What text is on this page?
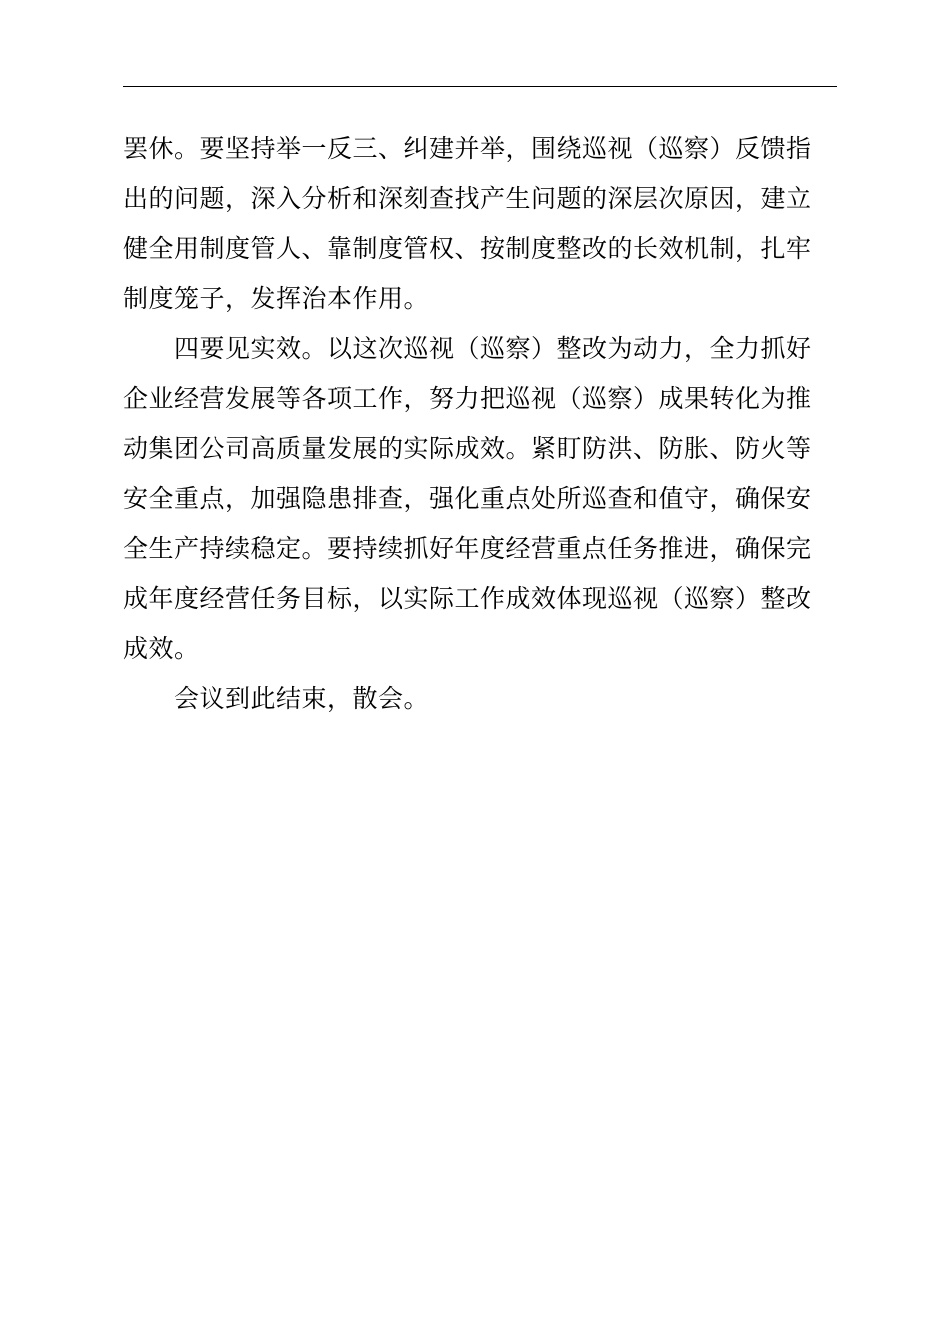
罢休。要坚持举一反三、纠建并举，围绕巡视（巡察）反馈指
出的问题，深入分析和深刻查找产生问题的深层次原因，建立
健全用制度管人、靠制度管权、按制度整改的长效机制，扎牢
制度笼子，发挥治本作用。

四要见实效。以这次巡视（巡察）整改为动力，全力抓好
企业经营发展等各项工作，努力把巡视（巡察）成果转化为推
动集团公司高质量发展的实际成效。紧盯防洪、防胀、防火等
安全重点，加强隐患排查，强化重点处所巡查和值守，确保安
全生产持续稳定。要持续抓好年度经营重点任务推进，确保完
成年度经营任务目标，以实际工作成效体现巡视（巡察）整改
成效。

会议到此结束，散会。
